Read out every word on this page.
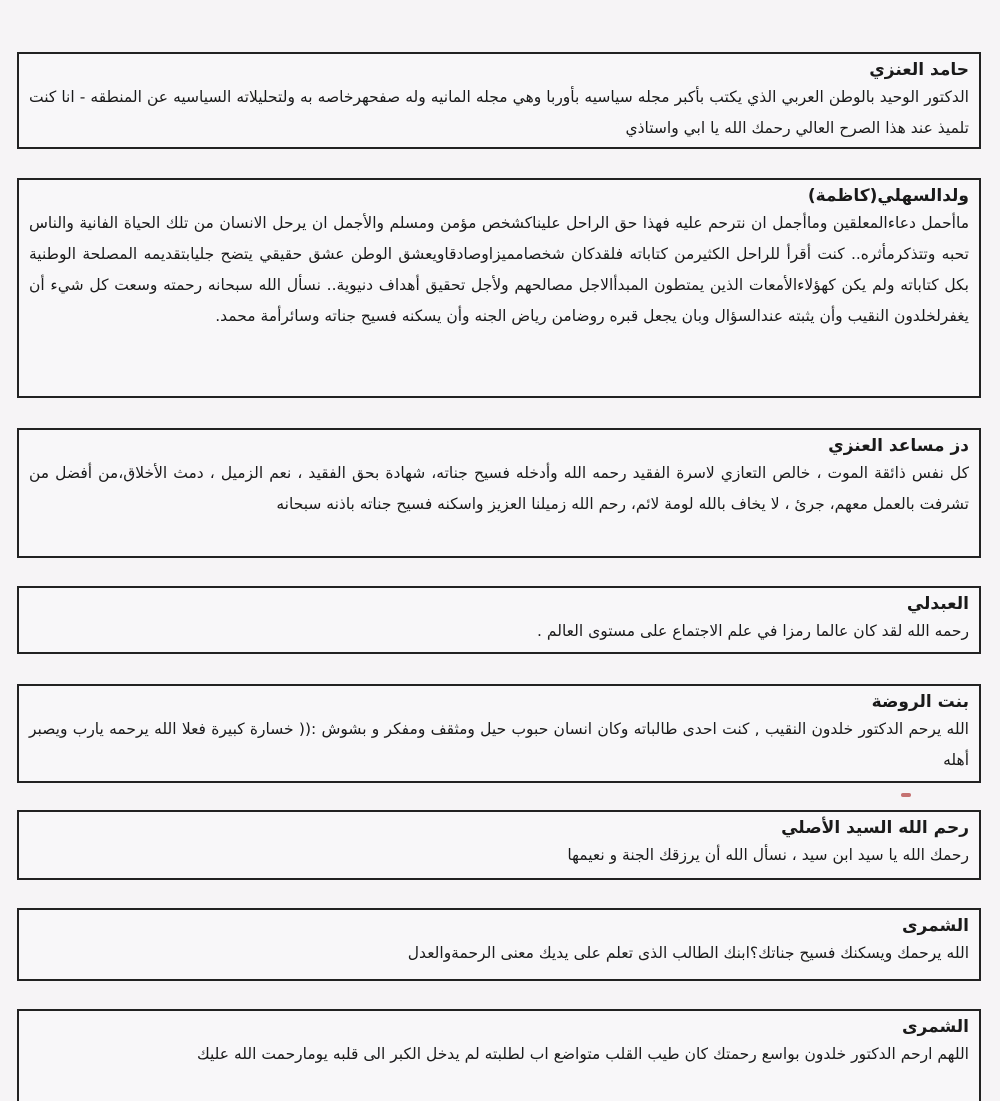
حامد العنزي
الدكتور الوحيد بالوطن العربي الذي يكتب بأكبر مجله سياسيه بأوربا وهي مجله المانيه وله صفحهرخاصه به ولتحليلاته السياسيه عن المنطقه - انا كنت تلميذ عند هذا الصرح العالي رحمك الله يا ابي واستاذي
ولدالسهلي(كاظمة)
ماأحمل دعاءالمعلقين وماأجمل ان نترحم عليه فهذا حق الراحل عليناكشخص مؤمن ومسلم والأجمل ان يرحل الانسان من تلك الحياة الفانية والناس تحبه وتتذكرمأثره.. كنت أقرأ للراحل الكثيرمن كتاباته فلقدكان شخصامميزاوصادقاويعشق الوطن عشق حقيقي يتضح جليابتقديمه المصلحة الوطنية بكل كتاباته ولم يكن كهؤلاءالأمعات الذين يمتطون المبدأالاجل مصالحهم ولأجل تحقيق أهداف دنيوية.. نسأل الله سبحانه رحمته وسعت كل شيء أن يغفرلخلدون النقيب وأن يثبته عندالسؤال وبان يجعل قبره روضامن رياض الجنه وأن يسكنه فسيح جناته وسائرأمة محمد.
دز مساعد العنزي
كل نفس ذائقة الموت ، خالص التعازي لاسرة الفقيد رحمه الله وأدخله فسيح جناته، شهادة بحق الفقيد ، نعم الزميل ، دمث الأخلاق،من أفضل من تشرفت بالعمل معهم، جرئ ، لا يخاف بالله لومة لائم، رحم الله زميلنا العزيز واسكنه فسيح جناته باذنه سبحانه
العبدلي
رحمه الله لقد كان عالما رمزا في علم الاجتماع على مستوى العالم .
بنت الروضة
الله يرحم الدكتور خلدون النقيب , كنت احدى طالباته وكان انسان حبوب حيل ومثقف ومفكر و بشوش :(( خسارة كبيرة فعلا الله يرحمه يارب ويصبر أهله
رحم الله السيد الأصلي
رحمك الله يا سيد ابن سيد ، نسأل الله أن يرزقك الجنة و نعيمها
الشمرى
الله يرحمك ويسكنك فسيح جناتك؟ابنك الطالب الذى تعلم على يديك معنى الرحمةوالعدل
الشمرى
اللهم ارحم الدكتور خلدون بواسع رحمتك كان طيب القلب متواضع اب لطلبته لم يدخل الكبر الى قلبه يومارحمت الله عليك
